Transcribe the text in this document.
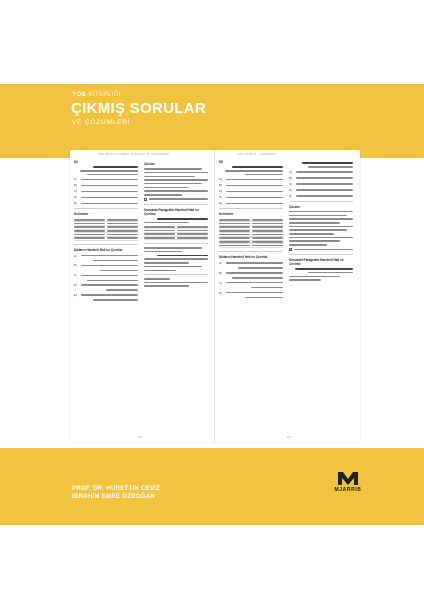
YÖS KİTAPLIĞI
ÇIKMIŞ SORULAR
VE ÇÖZÜMLERİ
YÖS ARAPÇA ÇIKMIŞ SORULAR VE ÇÖZÜMLERİ
84
A)
B)
C)
D)
E)
Kelimeler
Şıkların Harekeli Hali ve Çevirisi
A)
B)
C)
D)
E)
Çözüm
Sorudaki Paragrafın Harekeli Hali ve Çevirisi
166
YÖS ARAPÇA · ÇÖZÜMLER
85
A)
B)
C)
D)
E)
Kelimeler
Şıkların Harekeli Hali ve Çevirisi
A)
B)
C)
D)
A)
B)
C)
D)
E)
Çözüm
Sorudaki Paragrafın Harekeli Hali ve Çevirisi
167
PROF. DR. HURETTİN CEVİZ
İBRAHİM EMRE ÖZDOĞAN
MJARRIB
